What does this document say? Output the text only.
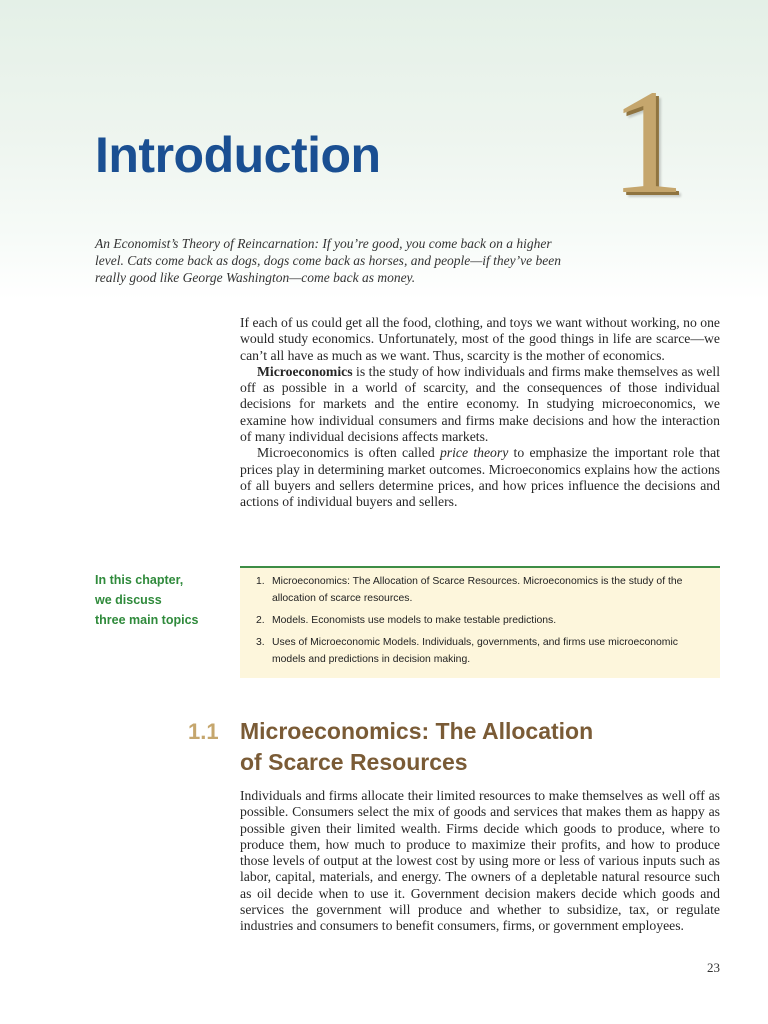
Introduction 1

An Economist’s Theory of Reincarnation: If you’re good, you come back on a higher level. Cats come back as dogs, dogs come back as horses, and people—if they’ve been really good like George Washington—come back as money.

If each of us could get all the food, clothing, and toys we want without working, no one would study economics. Unfortunately, most of the good things in life are scarce—we can’t all have as much as we want. Thus, scarcity is the mother of economics.

Microeconomics is the study of how individuals and firms make themselves as well off as possible in a world of scarcity, and the consequences of those individual decisions for markets and the entire economy. In studying microeconomics, we examine how individual consumers and firms make decisions and how the interaction of many individual decisions affects markets.

Microeconomics is often called price theory to emphasize the important role that prices play in determining market outcomes. Microeconomics explains how the actions of all buyers and sellers determine prices, and how prices influence the decisions and actions of individual buyers and sellers.

In this chapter,
we discuss
three main topics
1. Microeconomics: The Allocation of Scarce Resources. Microeconomics is the study of the allocation of scarce resources.
2. Models. Economists use models to make testable predictions.
3. Uses of Microeconomic Models. Individuals, governments, and firms use microeconomic models and predictions in decision making.
1.1 Microeconomics: The Allocation
of Scarce Resources

Individuals and firms allocate their limited resources to make themselves as well off as possible. Consumers select the mix of goods and services that makes them as happy as possible given their limited wealth. Firms decide which goods to produce, where to produce them, how much to produce to maximize their profits, and how to produce those levels of output at the lowest cost by using more or less of various inputs such as labor, capital, materials, and energy. The owners of a depletable natural resource such as oil decide when to use it. Government decision makers decide which goods and services the government will produce and whether to subsidize, tax, or regulate industries and consumers to benefit consumers, firms, or government employees.

23
